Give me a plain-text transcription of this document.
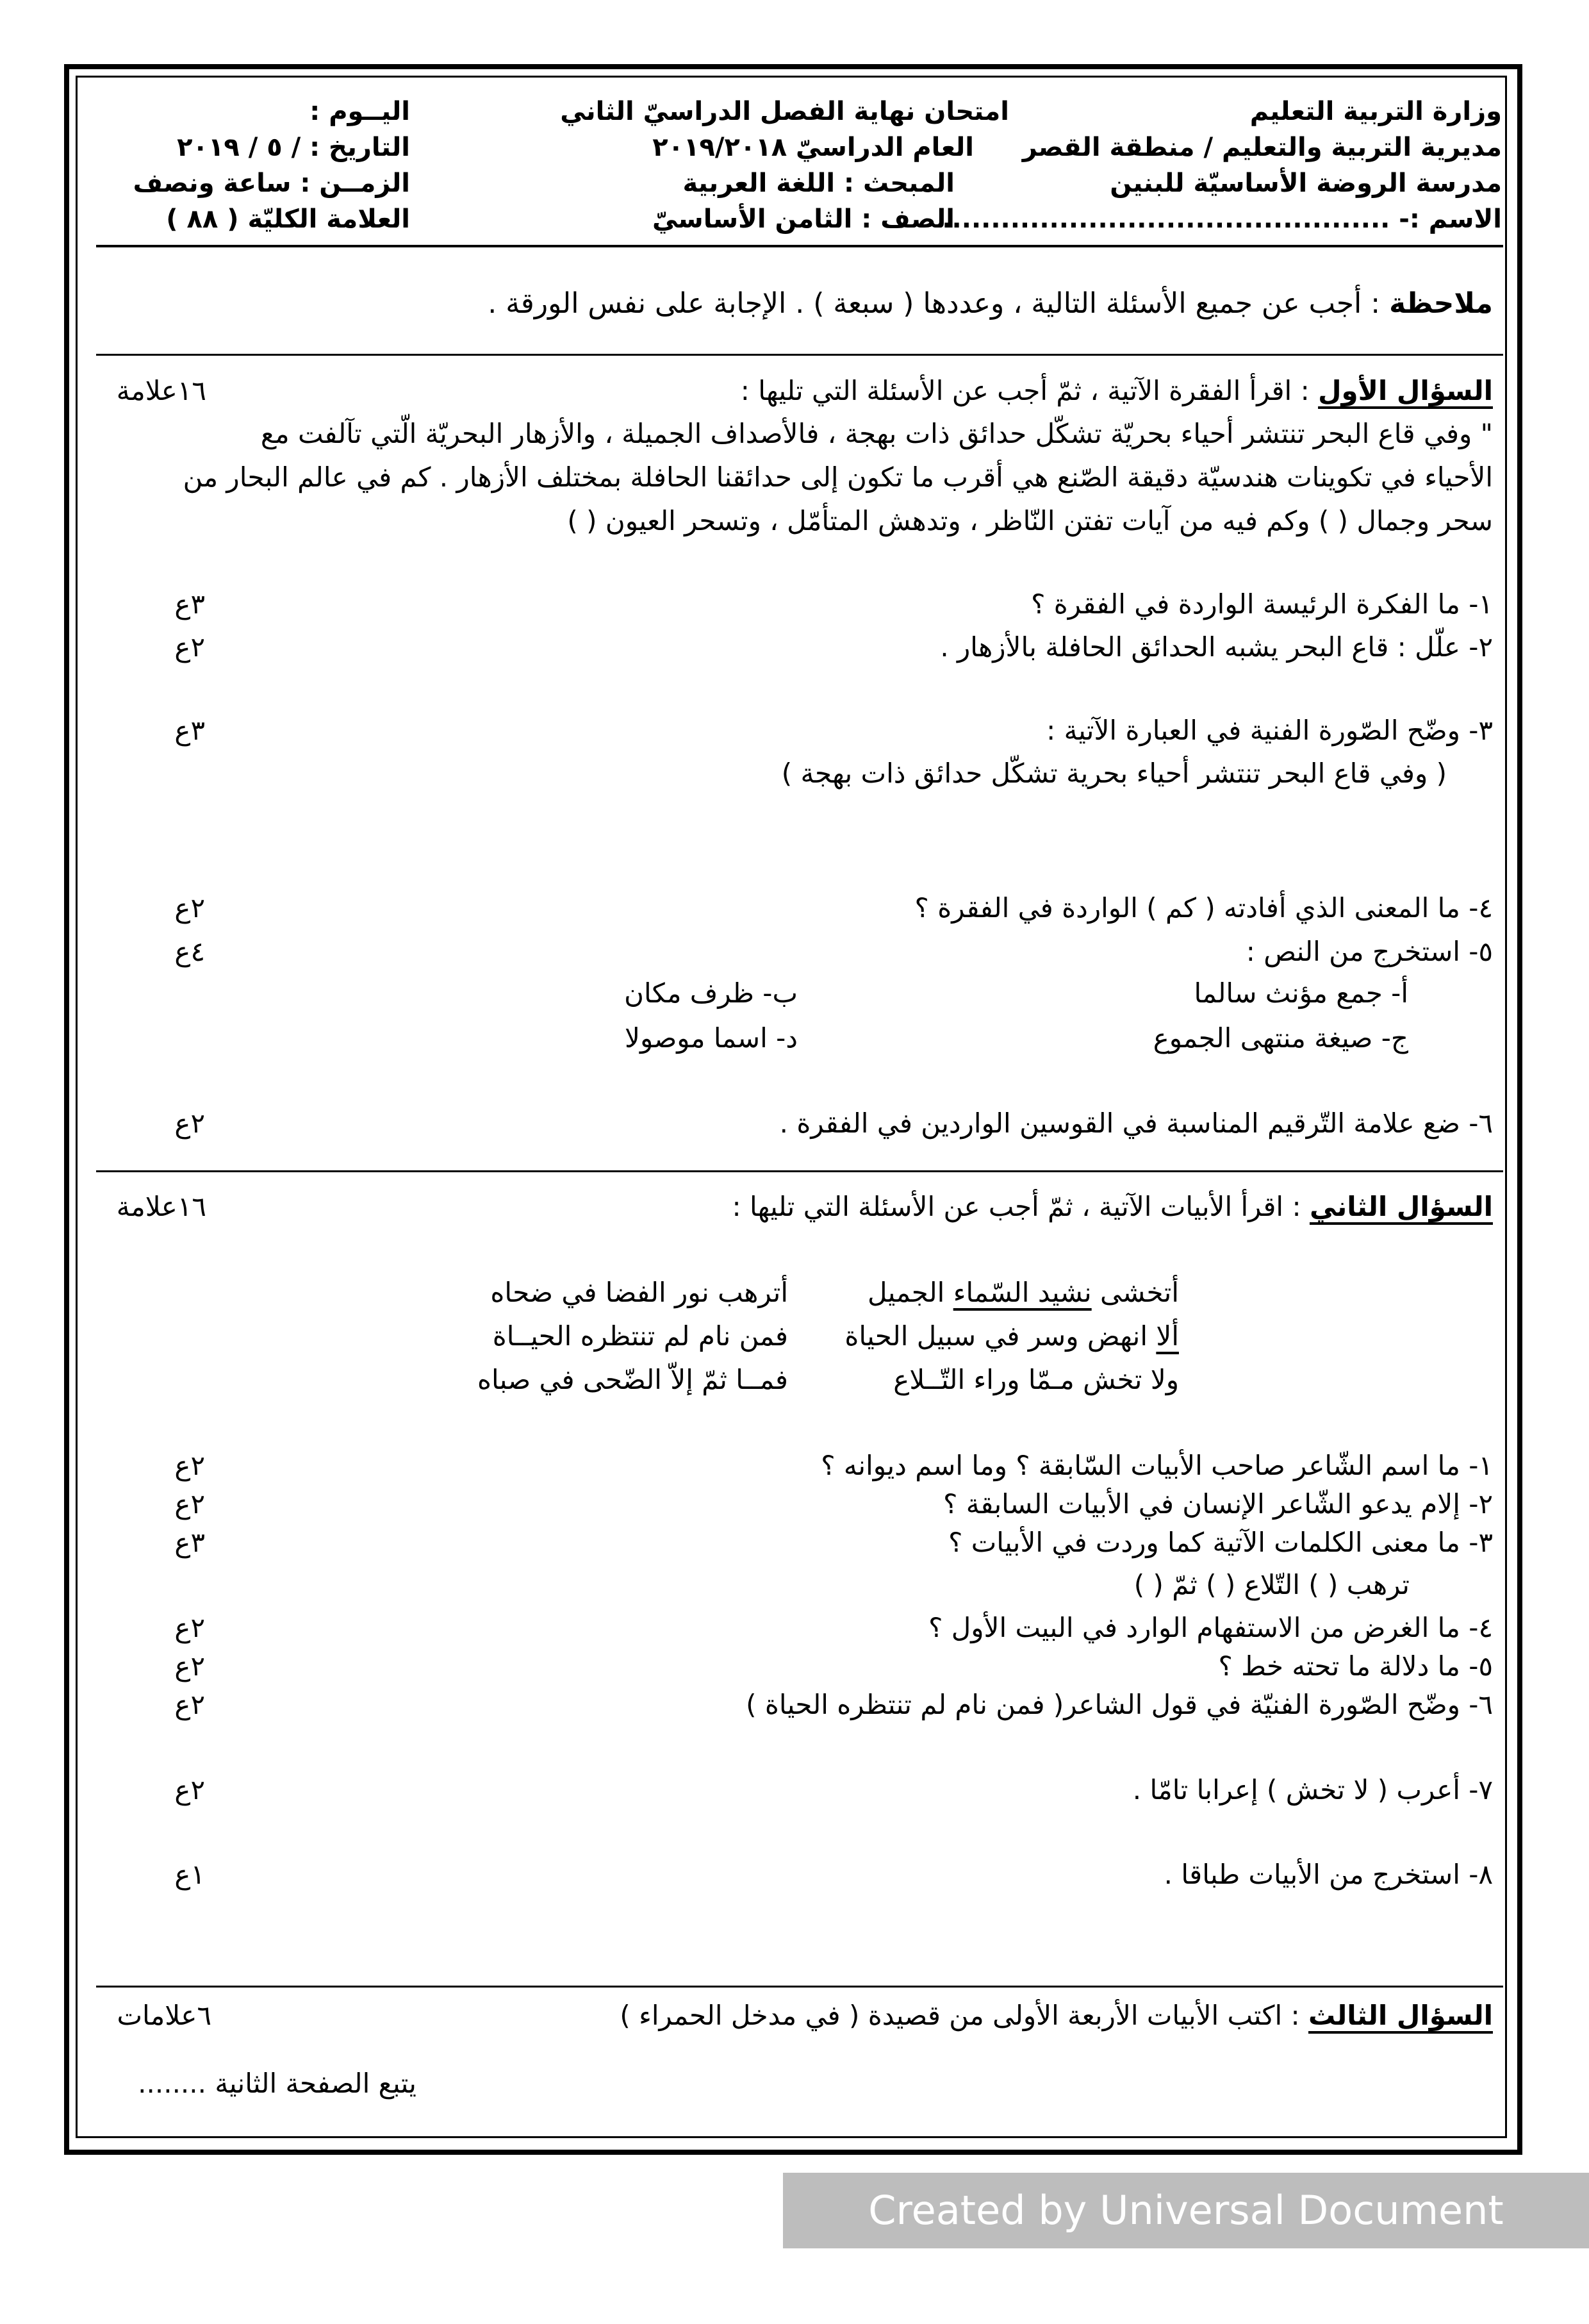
وزارة التربية التعليم
مديرية التربية والتعليم / منطقة القصر
مدرسة الروضة الأساسيّة للبنين
الاسم :- ..............................................
امتحان نهاية الفصل الدراسيّ الثاني
العام الدراسيّ ٢٠١٩/٢٠١٨
المبحث : اللغة العربية
الصف : الثامن الأساسيّ
اليــوم :
التاريخ : / ٥ / ٢٠١٩
الزمــن : ساعة ونصف
العلامة الكليّة ( ٨٨ )
ملاحظة : أجب عن جميع الأسئلة التالية ، وعددها ( سبعة ) . الإجابة على نفس الورقة .
السؤال الأول : اقرأ الفقرة الآتية ، ثمّ أجب عن الأسئلة التي تليها :
١٦علامة
" وفي قاع البحر تنتشر أحياء بحريّة تشكّل حدائق ذات بهجة ، فالأصداف الجميلة ، والأزهار البحريّة الّتي تآلفت مع
الأحياء في تكوينات هندسيّة دقيقة الصّنع هي أقرب ما تكون إلى حدائقنا الحافلة بمختلف الأزهار . كم في عالم البحار من
سحر وجمال ( ) وكم فيه من آيات تفتن النّاظر ، وتدهش المتأمّل ، وتسحر العيون ( )
١- ما الفكرة الرئيسة الواردة في الفقرة ؟
٣ع
٢- علّل : قاع البحر يشبه الحدائق الحافلة بالأزهار .
٢ع
٣- وضّح الصّورة الفنية في العبارة الآتية :
٣ع
( وفي قاع البحر تنتشر أحياء بحرية تشكّل حدائق ذات بهجة )
٤- ما المعنى الذي أفادته ( كم ) الواردة في الفقرة ؟
٢ع
٥- استخرج من النص :
٤ع
أ- جمع مؤنث سالما
ب- ظرف مكان
ج- صيغة منتهى الجموع
د- اسما موصولا
٦- ضع علامة التّرقيم المناسبة في القوسين الواردين في الفقرة .
٢ع
السؤال الثاني : اقرأ الأبيات الآتية ، ثمّ أجب عن الأسئلة التي تليها :
١٦علامة
أتخشى نشيد السّماء الجميل
أترهب نور الفضا في ضحاه
ألا انهض وسر في سبيل الحياة
فمن نام لم تنتظره الحيــاة
ولا تخش مـمّا وراء التّــلاع
فمــا ثمّ إلاّ الضّحى في صباه
١- ما اسم الشّاعر صاحب الأبيات السّابقة ؟ وما اسم ديوانه ؟
٢ع
٢- إلام يدعو الشّاعر الإنسان في الأبيات السابقة ؟
٢ع
٣- ما معنى الكلمات الآتية كما وردت في الأبيات ؟
٣ع
ترهب ( ) التّلاع ( ) ثمّ ( )
٤- ما الغرض من الاستفهام الوارد في البيت الأول ؟
٢ع
٥- ما دلالة ما تحته خط ؟
٢ع
٦- وضّح الصّورة الفنيّة في قول الشاعر( فمن نام لم تنتظره الحياة )
٢ع
٧- أعرب ( لا تخش ) إعرابا تامّا .
٢ع
٨- استخرج من الأبيات طباقا .
١ع
السؤال الثالث : اكتب الأبيات الأربعة الأولى من قصيدة ( في مدخل الحمراء )
٦علامات
يتبع الصفحة الثانية ........
Created by Universal Document Converter
